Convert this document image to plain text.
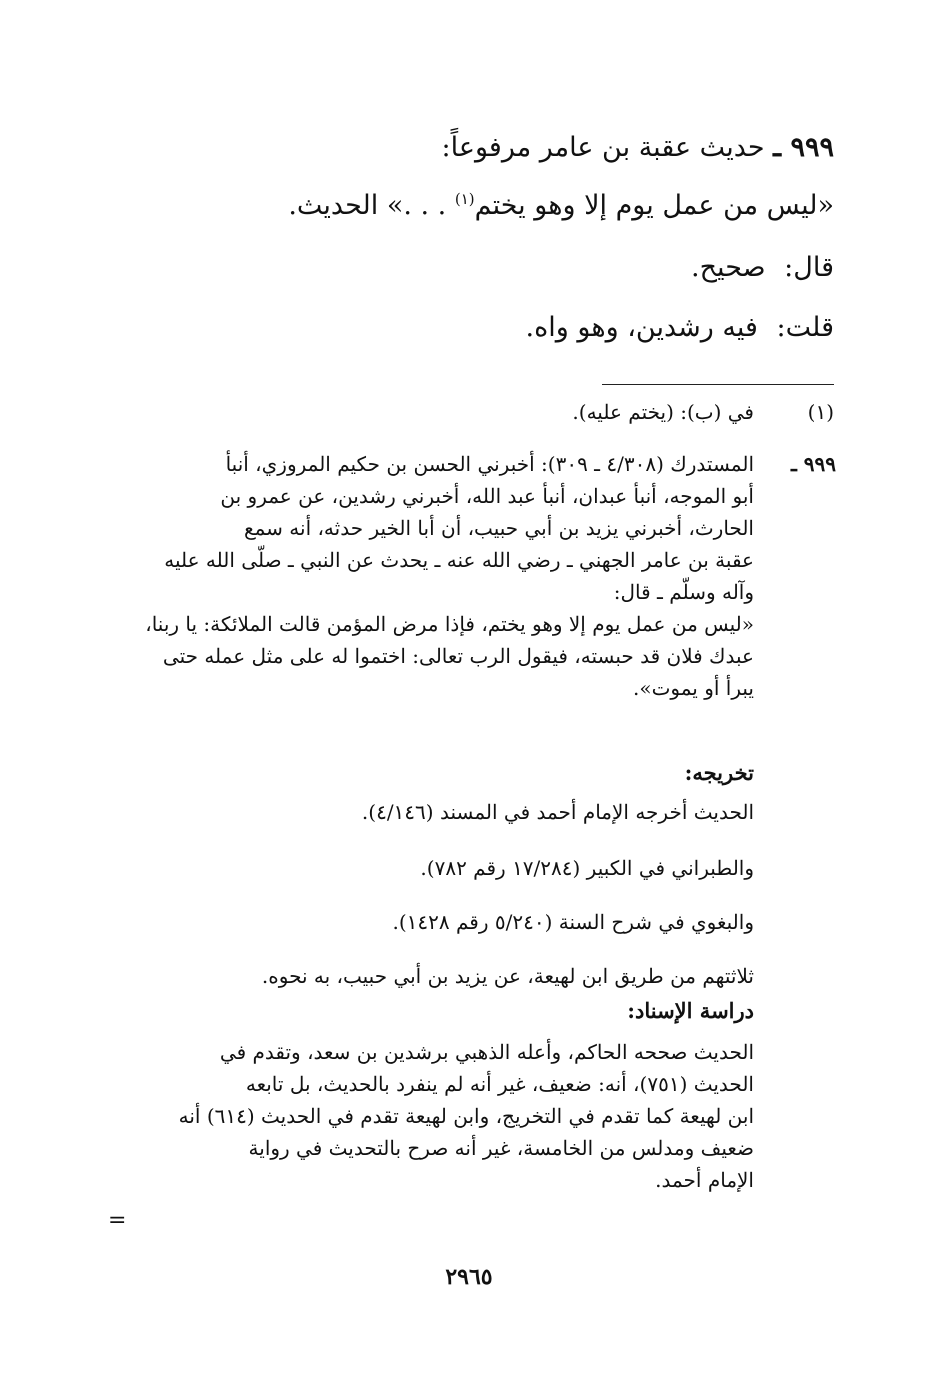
٩٩٩ ـ حديث عقبة بن عامر مرفوعاً:
«ليس من عمل يوم إلا وهو يختم$^{(١)}$ . . .» الحديث.
قال: صحيح.
قلت: فيه رشدين، وهو واه.
(١)
في (ب): (يختم عليه).
٩٩٩ ـ
المستدرك (٤/٣٠٨ ـ ٣٠٩): أخبرني الحسن بن حكيم المروزي، أنبأ
أبو الموجه، أنبأ عبدان، أنبأ عبد الله، أخبرني رشدين، عن عمرو بن
الحارث، أخبرني يزيد بن أبي حبيب، أن أبا الخير حدثه، أنه سمع
عقبة بن عامر الجهني ـ رضي الله عنه ـ يحدث عن النبي ـ صلّى الله عليه
وآله وسلّم ـ قال:
«ليس من عمل يوم إلا وهو يختم، فإذا مرض المؤمن قالت الملائكة: يا ربنا،
عبدك فلان قد حبسته، فيقول الرب تعالى: اختموا له على مثل عمله حتى
يبرأ أو يموت».
تخريجه:
الحديث أخرجه الإمام أحمد في المسند (٤/١٤٦).
والطبراني في الكبير (١٧/٢٨٤ رقم ٧٨٢).
والبغوي في شرح السنة (٥/٢٤٠ رقم ١٤٢٨).
ثلاثتهم من طريق ابن لهيعة، عن يزيد بن أبي حبيب، به نحوه.
دراسة الإسناد:
الحديث صححه الحاكم، وأعله الذهبي برشدين بن سعد، وتقدم في
الحديث (٧٥١)، أنه: ضعيف، غير أنه لم ينفرد بالحديث، بل تابعه
ابن لهيعة كما تقدم في التخريج، وابن لهيعة تقدم في الحديث (٦١٤) أنه
ضعيف ومدلس من الخامسة، غير أنه صرح بالتحديث في رواية
الإمام أحمد.
=
٢٩٦٥
